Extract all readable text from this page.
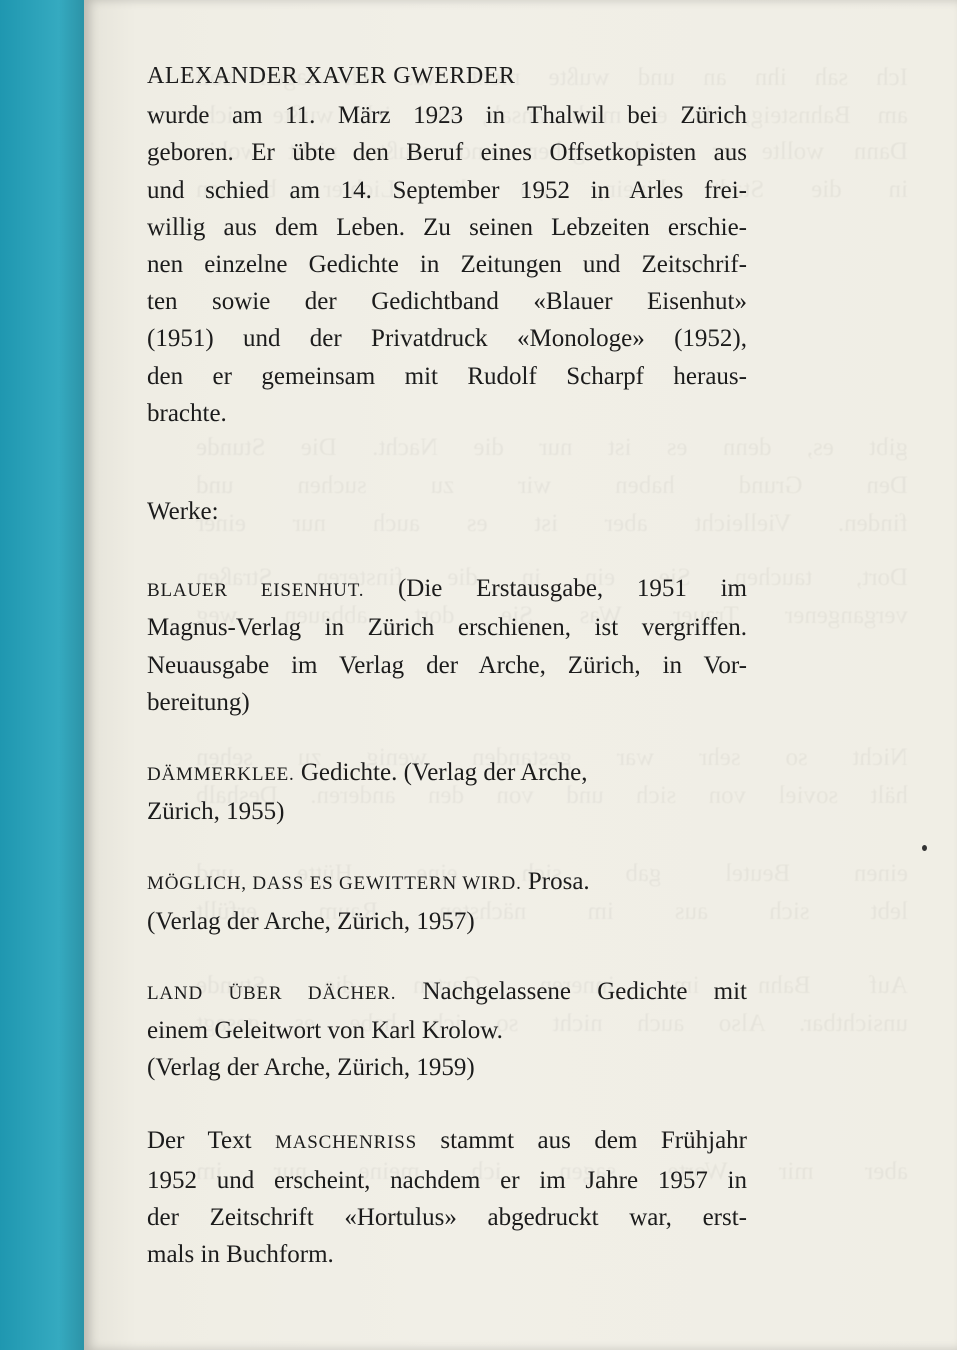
ALEXANDER XAVER GWERDER

wurde am 11. März 1923 in Thalwil bei Zürich
geboren. Er übte den Beruf eines Offsetkopisten aus
und schied am 14. September 1952 in Arles frei-
willig aus dem Leben. Zu seinen Lebzeiten erschie-
nen einzelne Gedichte in Zeitungen und Zeitschrif-
ten sowie der Gedichtband «Blauer Eisenhut»
(1951) und der Privatdruck «Monologe» (1952),
den er gemeinsam mit Rudolf Scharpf heraus-
brachte.

Werke:

BLAUER EISENHUT. (Die Erstausgabe, 1951 im
Magnus-Verlag in Zürich erschienen, ist vergriffen.
Neuausgabe im Verlag der Arche, Zürich, in Vor-
bereitung)

DÄMMERKLEE. Gedichte. (Verlag der Arche,
Zürich, 1955)

MÖGLICH, DASS ES GEWITTERN WIRD. Prosa.
(Verlag der Arche, Zürich, 1957)

LAND ÜBER DÄCHER. Nachgelassene Gedichte mit
einem Geleitwort von Karl Krolow.
(Verlag der Arche, Zürich, 1959)

Der Text MASCHENRISS stammt aus dem Frühjahr
1952 und erscheint, nachdem er im Jahre 1957 in
der Zeitschrift «Hortulus» abgedruckt war, erst-
mals in Buchform.
